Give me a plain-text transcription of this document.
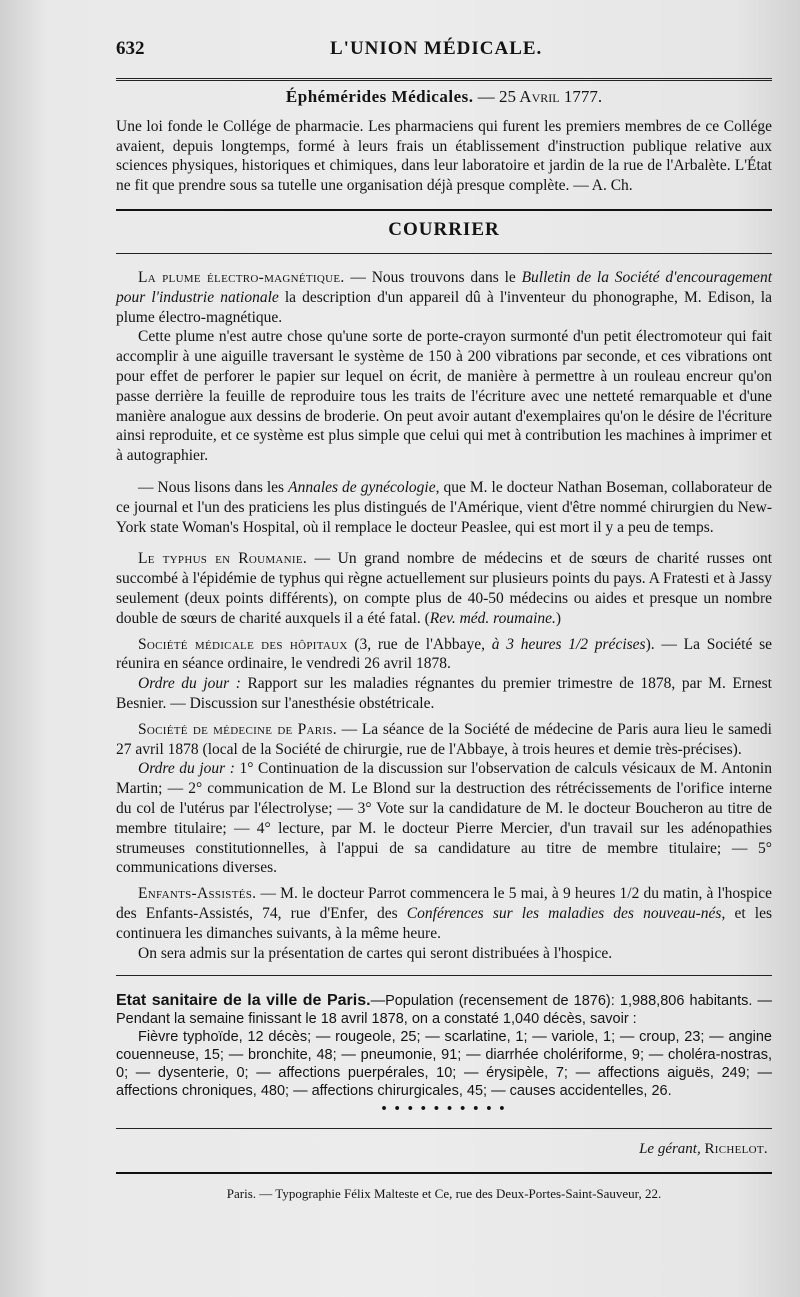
632	L'UNION MÉDICALE.
Éphémérides Médicales. — 25 Avril 1777.

Une loi fonde le Collége de pharmacie. Les pharmaciens qui furent les premiers membres de ce Collége avaient, depuis longtemps, formé à leurs frais un établissement d'instruction publique relative aux sciences physiques, historiques et chimiques, dans leur laboratoire et jardin de la rue de l'Arbalète. L'État ne fit que prendre sous sa tutelle une organisation déjà presque complète. — A. Ch.

COURRIER

La plume électro-magnétique. — Nous trouvons dans le Bulletin de la Société d'encouragement pour l'industrie nationale la description d'un appareil dû à l'inventeur du phonographe, M. Edison, la plume électro-magnétique.

Cette plume n'est autre chose qu'une sorte de porte-crayon surmonté d'un petit électromoteur qui fait accomplir à une aiguille traversant le système de 150 à 200 vibrations par seconde, et ces vibrations ont pour effet de perforer le papier sur lequel on écrit, de manière à permettre à un rouleau encreur qu'on passe derrière la feuille de reproduire tous les traits de l'écriture avec une netteté remarquable et d'une manière analogue aux dessins de broderie. On peut avoir autant d'exemplaires qu'on le désire de l'écriture ainsi reproduite, et ce système est plus simple que celui qui met à contribution les machines à imprimer et à autographier.

— Nous lisons dans les Annales de gynécologie, que M. le docteur Nathan Boseman, collaborateur de ce journal et l'un des praticiens les plus distingués de l'Amérique, vient d'être nommé chirurgien du New-York state Woman's Hospital, où il remplace le docteur Peaslee, qui est mort il y a peu de temps.

Le typhus en Roumanie. — Un grand nombre de médecins et de sœurs de charité russes ont succombé à l'épidémie de typhus qui règne actuellement sur plusieurs points du pays. A Fratesti et à Jassy seulement (deux points différents), on compte plus de 40-50 médecins ou aides et presque un nombre double de sœurs de charité auxquels il a été fatal. (Rev. méd. roumaine.)

Société médicale des hôpitaux (3, rue de l'Abbaye, à 3 heures 1/2 précises). — La Société se réunira en séance ordinaire, le vendredi 26 avril 1878.

Ordre du jour : Rapport sur les maladies régnantes du premier trimestre de 1878, par M. Ernest Besnier. — Discussion sur l'anesthésie obstétricale.

Société de médecine de Paris. — La séance de la Société de médecine de Paris aura lieu le samedi 27 avril 1878 (local de la Société de chirurgie, rue de l'Abbaye, à trois heures et demie très-précises).

Ordre du jour : 1° Continuation de la discussion sur l'observation de calculs vésicaux de M. Antonin Martin; — 2° communication de M. Le Blond sur la destruction des rétrécissements de l'orifice interne du col de l'utérus par l'électrolyse; — 3° Vote sur la candidature de M. le docteur Boucheron au titre de membre titulaire; — 4° lecture, par M. le docteur Pierre Mercier, d'un travail sur les adénopathies strumeuses constitutionnelles, à l'appui de sa candidature au titre de membre titulaire; — 5° communications diverses.

Enfants-Assistés. — M. le docteur Parrot commencera le 5 mai, à 9 heures 1/2 du matin, à l'hospice des Enfants-Assistés, 74, rue d'Enfer, des Conférences sur les maladies des nouveau-nés, et les continuera les dimanches suivants, à la même heure.

On sera admis sur la présentation de cartes qui seront distribuées à l'hospice.

Etat sanitaire de la ville de Paris.—Population (recensement de 1876): 1,988,806 habitants. — Pendant la semaine finissant le 18 avril 1878, on a constaté 1,040 décès, savoir :

Fièvre typhoïde, 12 décès; — rougeole, 25; — scarlatine, 1; — variole, 1; — croup, 23; — angine couenneuse, 15; — bronchite, 48; — pneumonie, 91; — diarrhée cholériforme, 9; — choléra-nostras, 0; — dysenterie, 0; — affections puerpérales, 10; — érysipèle, 7; — affections aiguës, 249; — affections chroniques, 480; — affections chirurgicales, 45; — causes accidentelles, 26.

• • • • • • • • • •

Le gérant, Richelot.
Paris. — Typographie Félix Malteste et Ce, rue des Deux-Portes-Saint-Sauveur, 22.
